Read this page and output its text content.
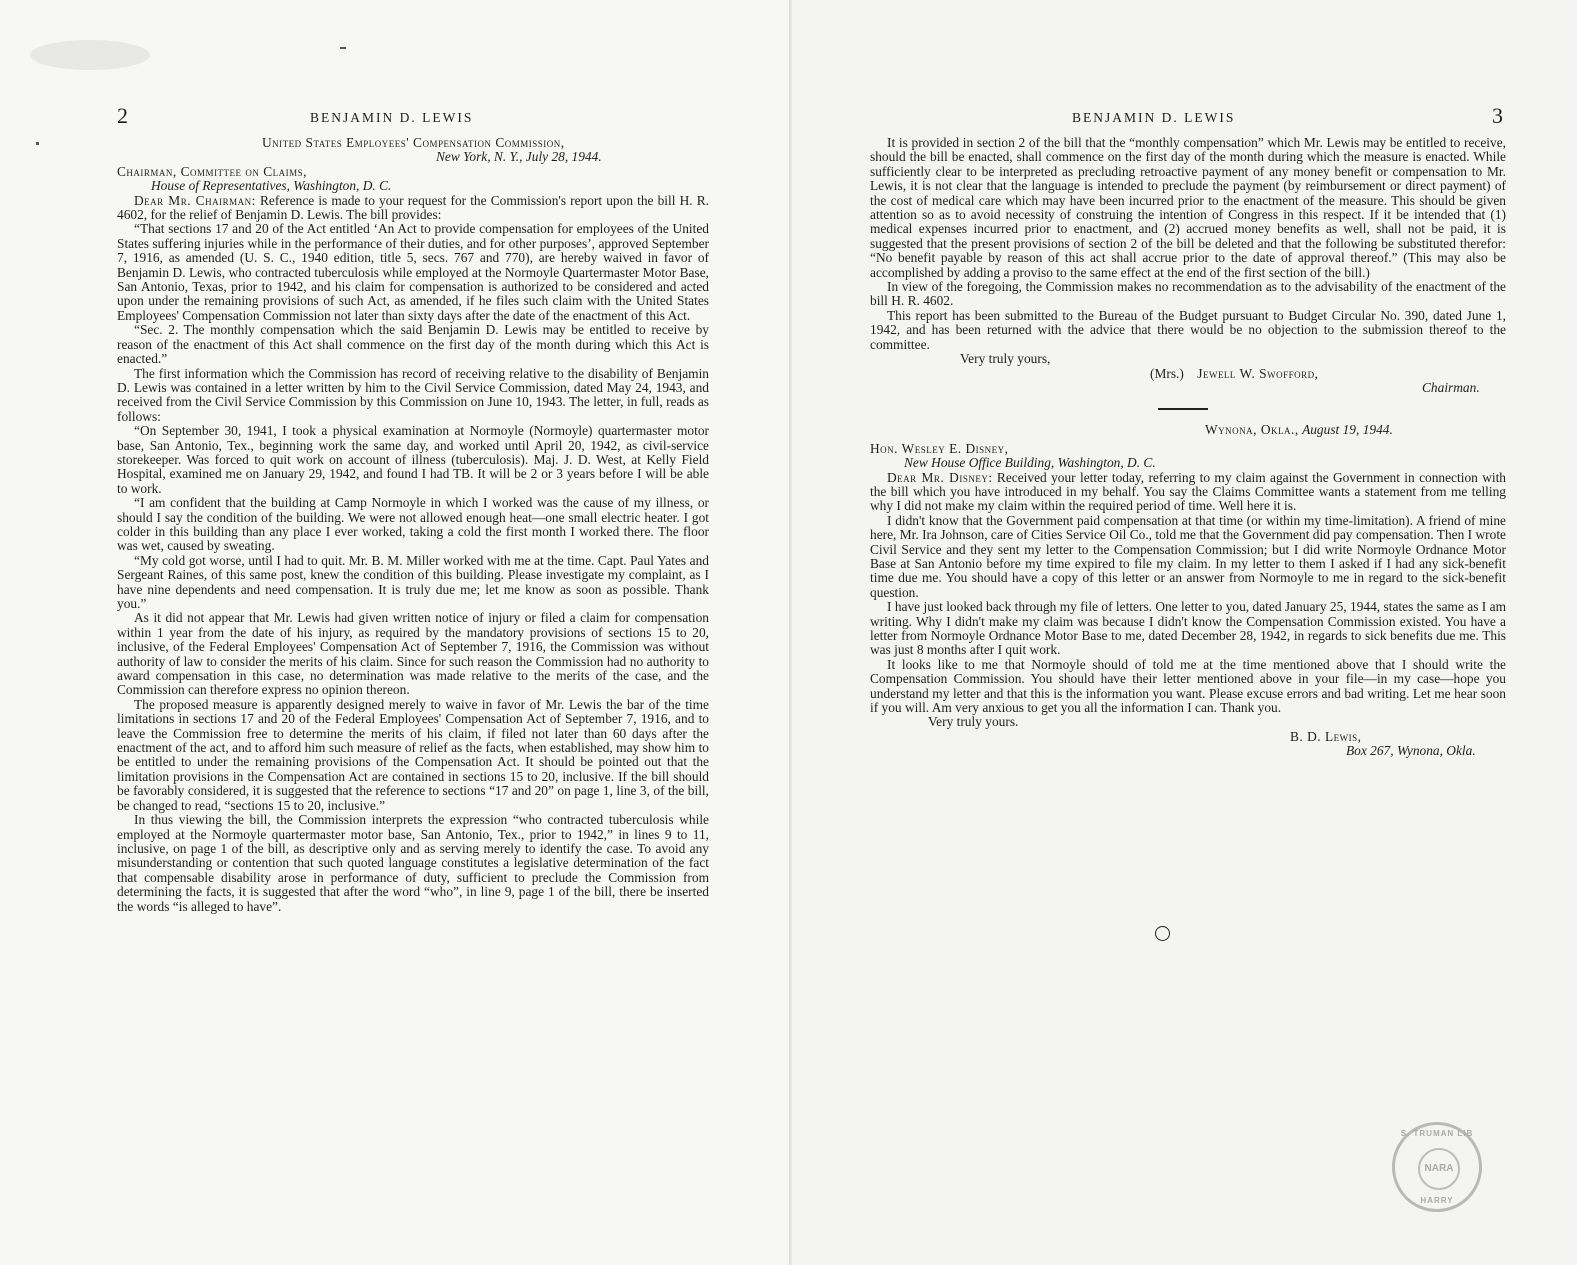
2	BENJAMIN D. LEWIS

United States Employees' Compensation Commission,

New York, N. Y., July 28, 1944.

Chairman, Committee on Claims,

House of Representatives, Washington, D. C.

Dear Mr. Chairman: Reference is made to your request for the Commission's report upon the bill H. R. 4602, for the relief of Benjamin D. Lewis. The bill provides:

“That sections 17 and 20 of the Act entitled ‘An Act to provide compensation for employees of the United States suffering injuries while in the performance of their duties, and for other purposes’, approved September 7, 1916, as amended (U. S. C., 1940 edition, title 5, secs. 767 and 770), are hereby waived in favor of Benjamin D. Lewis, who contracted tuberculosis while employed at the Normoyle Quartermaster Motor Base, San Antonio, Texas, prior to 1942, and his claim for compensation is authorized to be considered and acted upon under the remaining provisions of such Act, as amended, if he files such claim with the United States Employees' Compensation Commission not later than sixty days after the date of the enactment of this Act.

“Sec. 2. The monthly compensation which the said Benjamin D. Lewis may be entitled to receive by reason of the enactment of this Act shall commence on the first day of the month during which this Act is enacted.”

The first information which the Commission has record of receiving relative to the disability of Benjamin D. Lewis was contained in a letter written by him to the Civil Service Commission, dated May 24, 1943, and received from the Civil Service Commission by this Commission on June 10, 1943. The letter, in full, reads as follows:

“On September 30, 1941, I took a physical examination at Normoyle (Normoyle) quartermaster motor base, San Antonio, Tex., beginning work the same day, and worked until April 20, 1942, as civil-service storekeeper. Was forced to quit work on account of illness (tuberculosis). Maj. J. D. West, at Kelly Field Hospital, examined me on January 29, 1942, and found I had TB. It will be 2 or 3 years before I will be able to work.

“I am confident that the building at Camp Normoyle in which I worked was the cause of my illness, or should I say the condition of the building. We were not allowed enough heat—one small electric heater. I got colder in this building than any place I ever worked, taking a cold the first month I worked there. The floor was wet, caused by sweating.

“My cold got worse, until I had to quit. Mr. B. M. Miller worked with me at the time. Capt. Paul Yates and Sergeant Raines, of this same post, knew the condition of this building. Please investigate my complaint, as I have nine dependents and need compensation. It is truly due me; let me know as soon as possible. Thank you.”

As it did not appear that Mr. Lewis had given written notice of injury or filed a claim for compensation within 1 year from the date of his injury, as required by the mandatory provisions of sections 15 to 20, inclusive, of the Federal Employees' Compensation Act of September 7, 1916, the Commission was without authority of law to consider the merits of his claim. Since for such reason the Commission had no authority to award compensation in this case, no determination was made relative to the merits of the case, and the Commission can therefore express no opinion thereon.

The proposed measure is apparently designed merely to waive in favor of Mr. Lewis the bar of the time limitations in sections 17 and 20 of the Federal Employees' Compensation Act of September 7, 1916, and to leave the Commission free to determine the merits of his claim, if filed not later than 60 days after the enactment of the act, and to afford him such measure of relief as the facts, when established, may show him to be entitled to under the remaining provisions of the Compensation Act. It should be pointed out that the limitation provisions in the Compensation Act are contained in sections 15 to 20, inclusive. If the bill should be favorably considered, it is suggested that the reference to sections “17 and 20” on page 1, line 3, of the bill, be changed to read, “sections 15 to 20, inclusive.”

In thus viewing the bill, the Commission interprets the expression “who contracted tuberculosis while employed at the Normoyle quartermaster motor base, San Antonio, Tex., prior to 1942,” in lines 9 to 11, inclusive, on page 1 of the bill, as descriptive only and as serving merely to identify the case. To avoid any misunderstanding or contention that such quoted language constitutes a legislative determination of the fact that compensable disability arose in performance of duty, sufficient to preclude the Commission from determining the facts, it is suggested that after the word “who”, in line 9, page 1 of the bill, there be inserted the words “is alleged to have”.

BENJAMIN D. LEWIS	3

It is provided in section 2 of the bill that the “monthly compensation” which Mr. Lewis may be entitled to receive, should the bill be enacted, shall commence on the first day of the month during which the measure is enacted. While sufficiently clear to be interpreted as precluding retroactive payment of any money benefit or compensation to Mr. Lewis, it is not clear that the language is intended to preclude the payment (by reimbursement or direct payment) of the cost of medical care which may have been incurred prior to the enactment of the measure. This should be given attention so as to avoid necessity of construing the intention of Congress in this respect. If it be intended that (1) medical expenses incurred prior to enactment, and (2) accrued money benefits as well, shall not be paid, it is suggested that the present provisions of section 2 of the bill be deleted and that the following be substituted therefor: “No benefit payable by reason of this act shall accrue prior to the date of approval thereof.” (This may also be accomplished by adding a proviso to the same effect at the end of the first section of the bill.)

In view of the foregoing, the Commission makes no recommendation as to the advisability of the enactment of the bill H. R. 4602.

This report has been submitted to the Bureau of the Budget pursuant to Budget Circular No. 390, dated June 1, 1942, and has been returned with the advice that there would be no objection to the submission thereof to the committee.

Very truly yours,

(Mrs.) Jewell W. Swofford,

Chairman.

Wynona, Okla., August 19, 1944.

Hon. Wesley E. Disney,

New House Office Building, Washington, D. C.

Dear Mr. Disney: Received your letter today, referring to my claim against the Government in connection with the bill which you have introduced in my behalf. You say the Claims Committee wants a statement from me telling why I did not make my claim within the required period of time. Well here it is.

I didn't know that the Government paid compensation at that time (or within my time-limitation). A friend of mine here, Mr. Ira Johnson, care of Cities Service Oil Co., told me that the Government did pay compensation. Then I wrote Civil Service and they sent my letter to the Compensation Commission; but I did write Normoyle Ordnance Motor Base at San Antonio before my time expired to file my claim. In my letter to them I asked if I had any sick-benefit time due me. You should have a copy of this letter or an answer from Normoyle to me in regard to the sick-benefit question.

I have just looked back through my file of letters. One letter to you, dated January 25, 1944, states the same as I am writing. Why I didn't make my claim was because I didn't know the Compensation Commission existed. You have a letter from Normoyle Ordnance Motor Base to me, dated December 28, 1942, in regards to sick benefits due me. This was just 8 months after I quit work.

It looks like to me that Normoyle should of told me at the time mentioned above that I should write the Compensation Commission. You should have their letter mentioned above in your file—in my case—hope you understand my letter and that this is the information you want. Please excuse errors and bad writing. Let me hear soon if you will. Am very anxious to get you all the information I can. Thank you.

Very truly yours.

B. D. Lewis,

Box 267, Wynona, Okla.

S. TRUMAN LIB
NARA
HARRY
